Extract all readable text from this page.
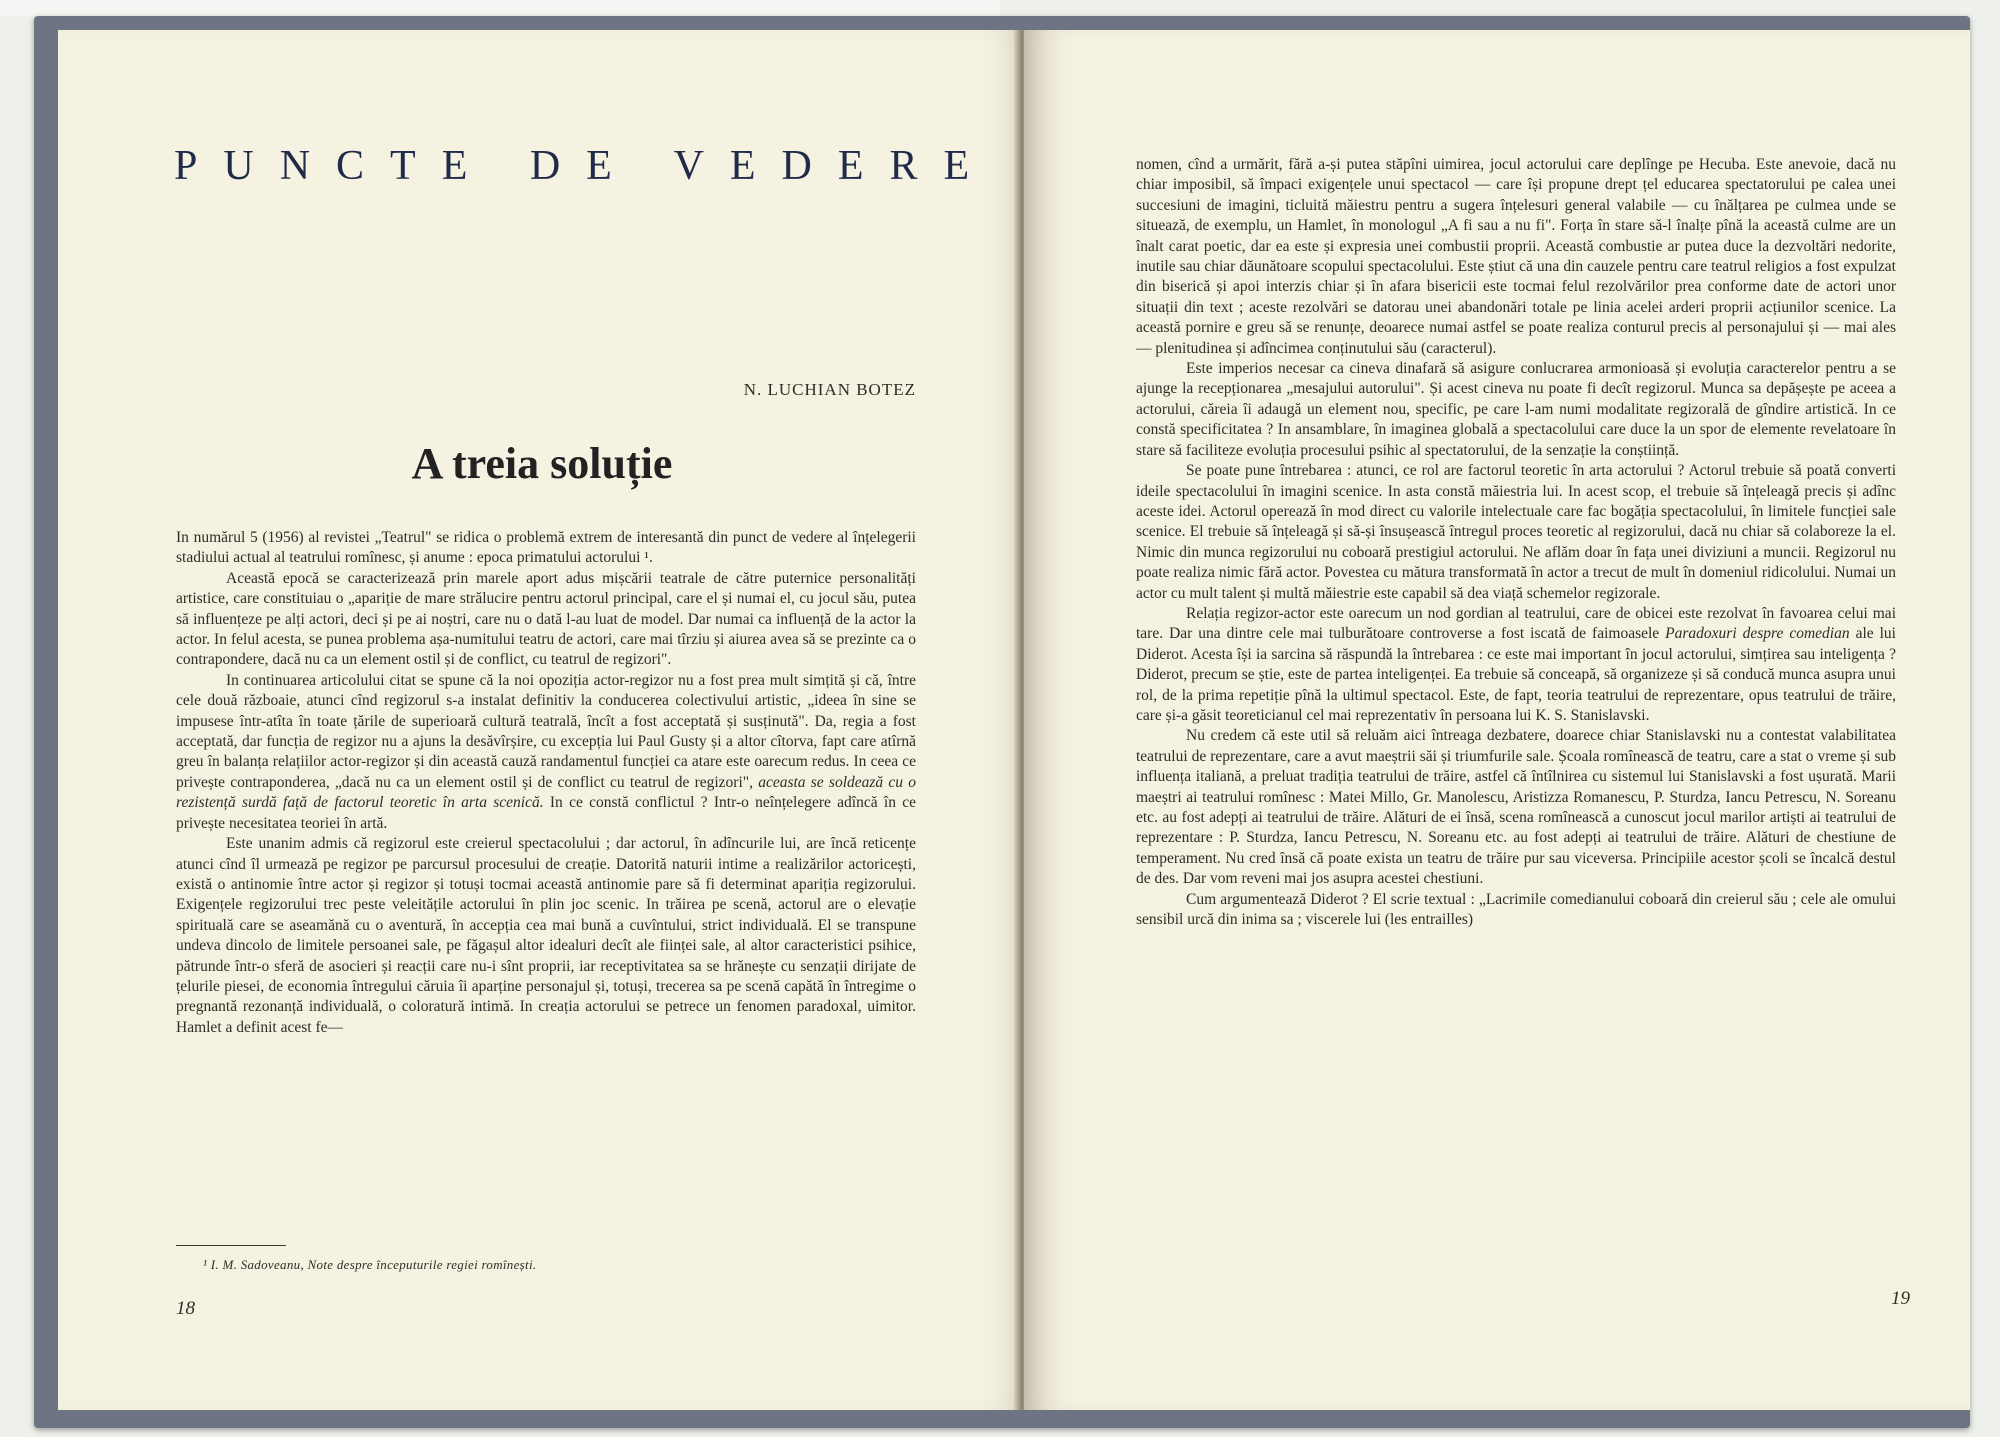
PUNCTE DE VEDERE
N. LUCHIAN BOTEZ
A treia soluție

In numărul 5 (1956) al revistei „Teatrul" se ridica o problemă extrem de interesantă din punct de vedere al înțelegerii stadiului actual al teatrului romînesc, și anume : epoca primatului actorului ¹.

Această epocă se caracterizează prin marele aport adus mișcării teatrale de către puternice personalități artistice, care constituiau o „apariție de mare strălucire pentru actorul principal, care el și numai el, cu jocul său, putea să influențeze pe alți actori, deci și pe ai noștri, care nu o dată l-au luat de model. Dar numai ca influență de la actor la actor. In felul acesta, se punea problema așa-numitului teatru de actori, care mai tîrziu și aiurea avea să se prezinte ca o contrapondere, dacă nu ca un element ostil și de conflict, cu teatrul de regizori".

In continuarea articolului citat se spune că la noi opoziția actor-regizor nu a fost prea mult simțită și că, între cele două războaie, atunci cînd regizorul s-a instalat definitiv la conducerea colectivului artistic, „ideea în sine se impusese într-atîta în toate țările de superioară cultură teatrală, încît a fost acceptată și susținută". Da, regia a fost acceptată, dar funcția de regizor nu a ajuns la desăvîrșire, cu excepția lui Paul Gusty și a altor cîtorva, fapt care atîrnă greu în balanța relațiilor actor-regizor și din această cauză randamentul funcției ca atare este oarecum redus. In ceea ce privește contraponderea, „dacă nu ca un element ostil și de conflict cu teatrul de regizori", aceasta se soldează cu o rezistență surdă față de factorul teoretic în arta scenică. In ce constă conflictul ? Intr-o neînțelegere adîncă în ce privește necesitatea teoriei în artă.

Este unanim admis că regizorul este creierul spectacolului ; dar actorul, în adîncurile lui, are încă reticențe atunci cînd îl urmează pe regizor pe parcursul procesului de creație. Datorită naturii intime a realizărilor actoricești, există o antinomie între actor și regizor și totuși tocmai această antinomie pare să fi determinat apariția regizorului. Exigențele regizorului trec peste veleitățile actorului în plin joc scenic. In trăirea pe scenă, actorul are o elevație spirituală care se aseamănă cu o aventură, în accepția cea mai bună a cuvîntului, strict individuală. El se transpune undeva dincolo de limitele persoanei sale, pe făgașul altor idealuri decît ale ființei sale, al altor caracteristici psihice, pătrunde într-o sferă de asocieri și reacții care nu-i sînt proprii, iar receptivitatea sa se hrănește cu senzații dirijate de țelurile piesei, de economia întregului căruia îi aparține personajul și, totuși, trecerea sa pe scenă capătă în întregime o pregnantă rezonanță individuală, o coloratură intimă. In creația actorului se petrece un fenomen paradoxal, uimitor. Hamlet a definit acest fe—

¹ I. M. Sadoveanu, Note despre începuturile regiei romînești.
18

nomen, cînd a urmărit, fără a-și putea stăpîni uimirea, jocul actorului care deplînge pe Hecuba. Este anevoie, dacă nu chiar imposibil, să împaci exigențele unui spectacol — care își propune drept țel educarea spectatorului pe calea unei succesiuni de imagini, ticluită măiestru pentru a sugera înțelesuri general valabile — cu înălțarea pe culmea unde se situează, de exemplu, un Hamlet, în monologul „A fi sau a nu fi". Forța în stare să-l înalțe pînă la această culme are un înalt carat poetic, dar ea este și expresia unei combustii proprii. Această combustie ar putea duce la dezvoltări nedorite, inutile sau chiar dăunătoare scopului spectacolului. Este știut că una din cauzele pentru care teatrul religios a fost expulzat din biserică și apoi interzis chiar și în afara bisericii este tocmai felul rezolvărilor prea conforme date de actori unor situații din text ; aceste rezolvări se datorau unei abandonări totale pe linia acelei arderi proprii acțiunilor scenice. La această pornire e greu să se renunțe, deoarece numai astfel se poate realiza conturul precis al personajului și — mai ales — plenitudinea și adîncimea conținutului său (caracterul).

Este imperios necesar ca cineva dinafară să asigure conlucrarea armonioasă și evoluția caracterelor pentru a se ajunge la recepționarea „mesajului autorului". Și acest cineva nu poate fi decît regizorul. Munca sa depășește pe aceea a actorului, căreia îi adaugă un element nou, specific, pe care l-am numi modalitate regizorală de gîndire artistică. In ce constă specificitatea ? In ansamblare, în imaginea globală a spectacolului care duce la un spor de elemente revelatoare în stare să faciliteze evoluția procesului psihic al spectatorului, de la senzație la conștiință.

Se poate pune întrebarea : atunci, ce rol are factorul teoretic în arta actorului ? Actorul trebuie să poată converti ideile spectacolului în imagini scenice. In asta constă măiestria lui. In acest scop, el trebuie să înțeleagă precis și adînc aceste idei. Actorul operează în mod direct cu valorile intelectuale care fac bogăția spectacolului, în limitele funcției sale scenice. El trebuie să înțeleagă și să-și însușească întregul proces teoretic al regizorului, dacă nu chiar să colaboreze la el. Nimic din munca regizorului nu coboară prestigiul actorului. Ne aflăm doar în fața unei diviziuni a muncii. Regizorul nu poate realiza nimic fără actor. Povestea cu mătura transformată în actor a trecut de mult în domeniul ridicolului. Numai un actor cu mult talent și multă măiestrie este capabil să dea viață schemelor regizorale.

Relația regizor-actor este oarecum un nod gordian al teatrului, care de obicei este rezolvat în favoarea celui mai tare. Dar una dintre cele mai tulburătoare controverse a fost iscată de faimoasele Paradoxuri despre comedian ale lui Diderot. Acesta își ia sarcina să răspundă la întrebarea : ce este mai important în jocul actorului, simțirea sau inteligența ? Diderot, precum se știe, este de partea inteligenței. Ea trebuie să conceapă, să organizeze și să conducă munca asupra unui rol, de la prima repetiție pînă la ultimul spectacol. Este, de fapt, teoria teatrului de reprezentare, opus teatrului de trăire, care și-a găsit teoreticianul cel mai reprezentativ în persoana lui K. S. Stanislavski.

Nu credem că este util să reluăm aici întreaga dezbatere, doarece chiar Stanislavski nu a contestat valabilitatea teatrului de reprezentare, care a avut maeștrii săi și triumfurile sale. Școala romînească de teatru, care a stat o vreme și sub influența italiană, a preluat tradiția teatrului de trăire, astfel că întîlnirea cu sistemul lui Stanislavski a fost ușurată. Marii maeștri ai teatrului romînesc : Matei Millo, Gr. Manolescu, Aristizza Romanescu, P. Sturdza, Iancu Petrescu, N. Soreanu etc. au fost adepți ai teatrului de trăire. Alături de ei însă, scena romînească a cunoscut jocul marilor artiști ai teatrului de reprezentare : P. Sturdza, Iancu Petrescu, N. Soreanu etc. au fost adepți ai teatrului de trăire. Alături de chestiune de temperament. Nu cred însă că poate exista un teatru de trăire pur sau viceversa. Principiile acestor școli se încalcă destul de des. Dar vom reveni mai jos asupra acestei chestiuni.

Cum argumentează Diderot ? El scrie textual : „Lacrimile comedianului coboară din creierul său ; cele ale omului sensibil urcă din inima sa ; viscerele lui (les entrailles)

19
